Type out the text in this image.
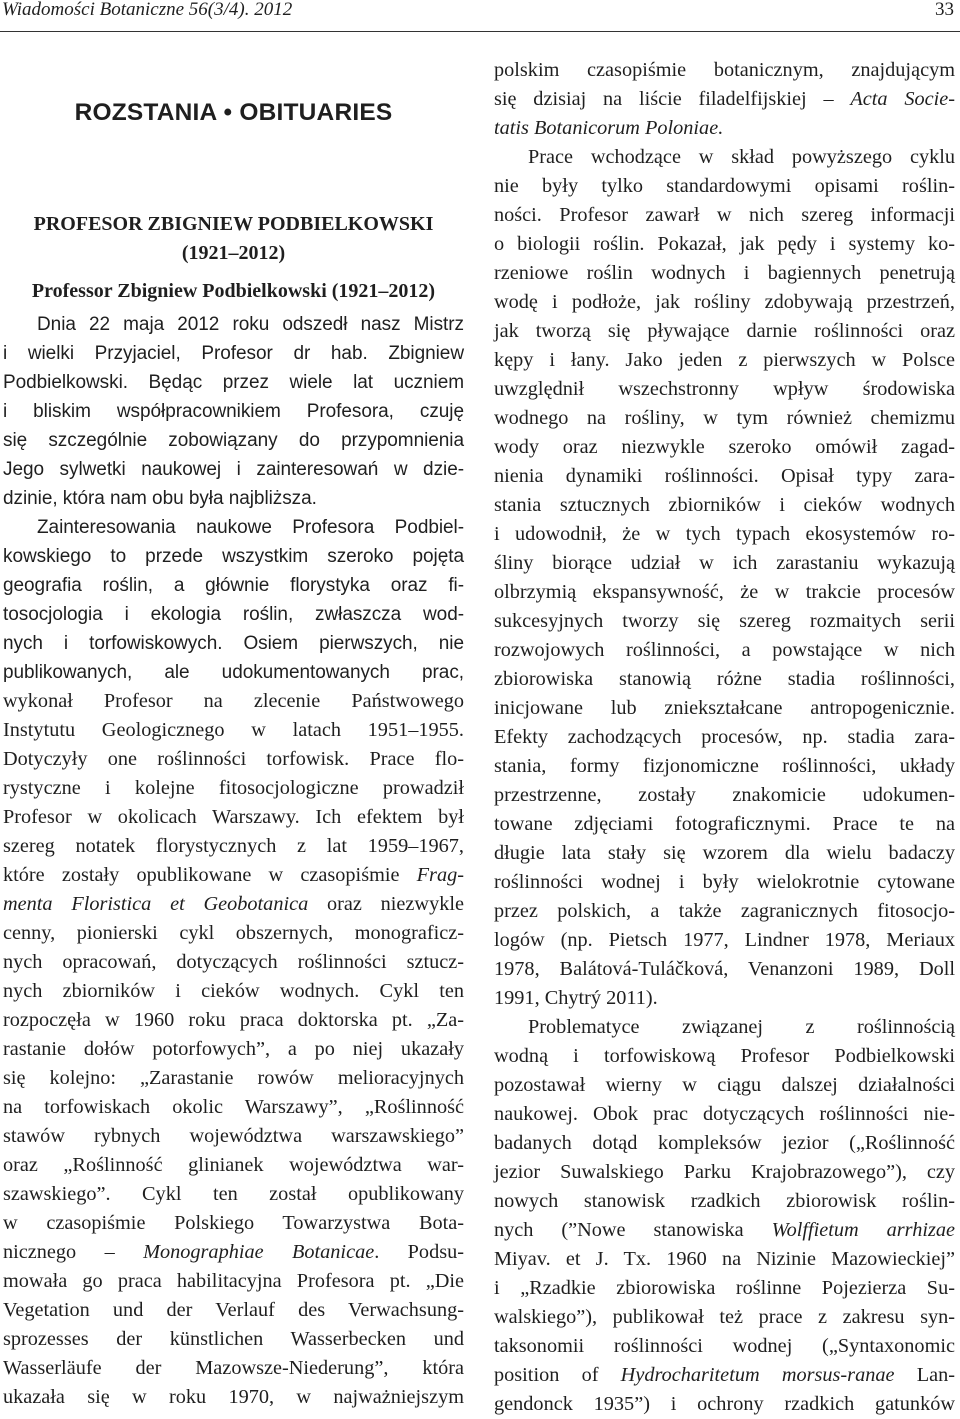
Wiadomości Botaniczne 56(3/4). 2012	33
ROZSTANIA • OBITUARIES
PROFESOR ZBIGNIEW PODBIELKOWSKI
(1921–2012)
Professor Zbigniew Podbielkowski (1921–2012)
Dnia 22 maja 2012 roku odszedł nasz Mistrz
i wielki Przyjaciel, Profesor dr hab. Zbigniew
Podbielkowski. Będąc przez wiele lat uczniem
i bliskim współpracownikiem Profesora, czuję
się szczególnie zobowiązany do przypomnienia
Jego sylwetki naukowej i zainteresowań w dzie-
dzinie, która nam obu była najbliższa.
Zainteresowania naukowe Profesora Podbiel-
kowskiego to przede wszystkim szeroko pojęta
geografia roślin, a głównie florystyka oraz fi-
tosocjologia i ekologia roślin, zwłaszcza wod-
nych i torfowiskowych. Osiem pierwszych, nie
publikowanych, ale udokumentowanych prac,
wykonał Profesor na zlecenie Państwowego
Instytutu Geologicznego w latach 1951–1955.
Dotyczyły one roślinności torfowisk. Prace flo-
rystyczne i kolejne fitosocjologiczne prowadził
Profesor w okolicach Warszawy. Ich efektem był
szereg notatek florystycznych z lat 1959–1967,
które zostały opublikowane w czasopiśmie Frag-
menta Floristica et Geobotanica oraz niezwykle
cenny, pionierski cykl obszernych, monograficz-
nych opracowań, dotyczących roślinności sztucz-
nych zbiorników i cieków wodnych. Cykl ten
rozpoczęła w 1960 roku praca doktorska pt. „Za-
rastanie dołów potorfowych”, a po niej ukazały
się kolejno: „Zarastanie rowów melioracyjnych
na torfowiskach okolic Warszawy”, „Roślinność
stawów rybnych województwa warszawskiego”
oraz „Roślinność glinianek województwa war-
szawskiego”. Cykl ten został opublikowany
w czasopiśmie Polskiego Towarzystwa Bota-
nicznego – Monographiae Botanicae. Podsu-
mowała go praca habilitacyjna Profesora pt. „Die
Vegetation und der Verlauf des Verwachsung-
sprozesses der künstlichen Wasserbecken und
Wasserläufe der Mazowsze-Niederung”, która
ukazała się w roku 1970, w najważniejszym
polskim czasopiśmie botanicznym, znajdującym
się dzisiaj na liście filadelfijskiej – Acta Socie-
tatis Botanicorum Poloniae.
Prace wchodzące w skład powyższego cyklu
nie były tylko standardowymi opisami roślin-
ności. Profesor zawarł w nich szereg informacji
o biologii roślin. Pokazał, jak pędy i systemy ko-
rzeniowe roślin wodnych i bagiennych penetrują
wodę i podłoże, jak rośliny zdobywają przestrzeń,
jak tworzą się pływające darnie roślinności oraz
kępy i łany. Jako jeden z pierwszych w Polsce
uwzględnił wszechstronny wpływ środowiska
wodnego na rośliny, w tym również chemizmu
wody oraz niezwykle szeroko omówił zagad-
nienia dynamiki roślinności. Opisał typy zara-
stania sztucznych zbiorników i cieków wodnych
i udowodnił, że w tych typach ekosystemów ro-
śliny biorące udział w ich zarastaniu wykazują
olbrzymią ekspansywność, że w trakcie procesów
sukcesyjnych tworzy się szereg rozmaitych serii
rozwojowych roślinności, a powstające w nich
zbiorowiska stanowią różne stadia roślinności,
inicjowane lub zniekształcane antropogenicznie.
Efekty zachodzących procesów, np. stadia zara-
stania, formy fizjonomiczne roślinności, układy
przestrzenne, zostały znakomicie udokumen-
towane zdjęciami fotograficznymi. Prace te na
długie lata stały się wzorem dla wielu badaczy
roślinności wodnej i były wielokrotnie cytowane
przez polskich, a także zagranicznych fitosocjo-
logów (np. Pietsch 1977, Lindner 1978, Meriaux
1978, Balátová-Tuláčková, Venanzoni 1989, Doll
1991, Chytrý 2011).
Problematyce związanej z roślinnością
wodną i torfowiskową Profesor Podbielkowski
pozostawał wierny w ciągu dalszej działalności
naukowej. Obok prac dotyczących roślinności nie-
badanych dotąd kompleksów jezior („Roślinność
jezior Suwalskiego Parku Krajobrazowego”), czy
nowych stanowisk rzadkich zbiorowisk roślin-
nych (”Nowe stanowiska Wolffietum arrhizae
Miyav. et J. Tx. 1960 na Nizinie Mazowieckiej”
i „Rzadkie zbiorowiska roślinne Pojezierza Su-
walskiego”), publikował też prace z zakresu syn-
taksonomii roślinności wodnej („Syntaxonomic
position of Hydrocharitetum morsus-ranae Lan-
gendonck 1935”) i ochrony rzadkich gatunków
